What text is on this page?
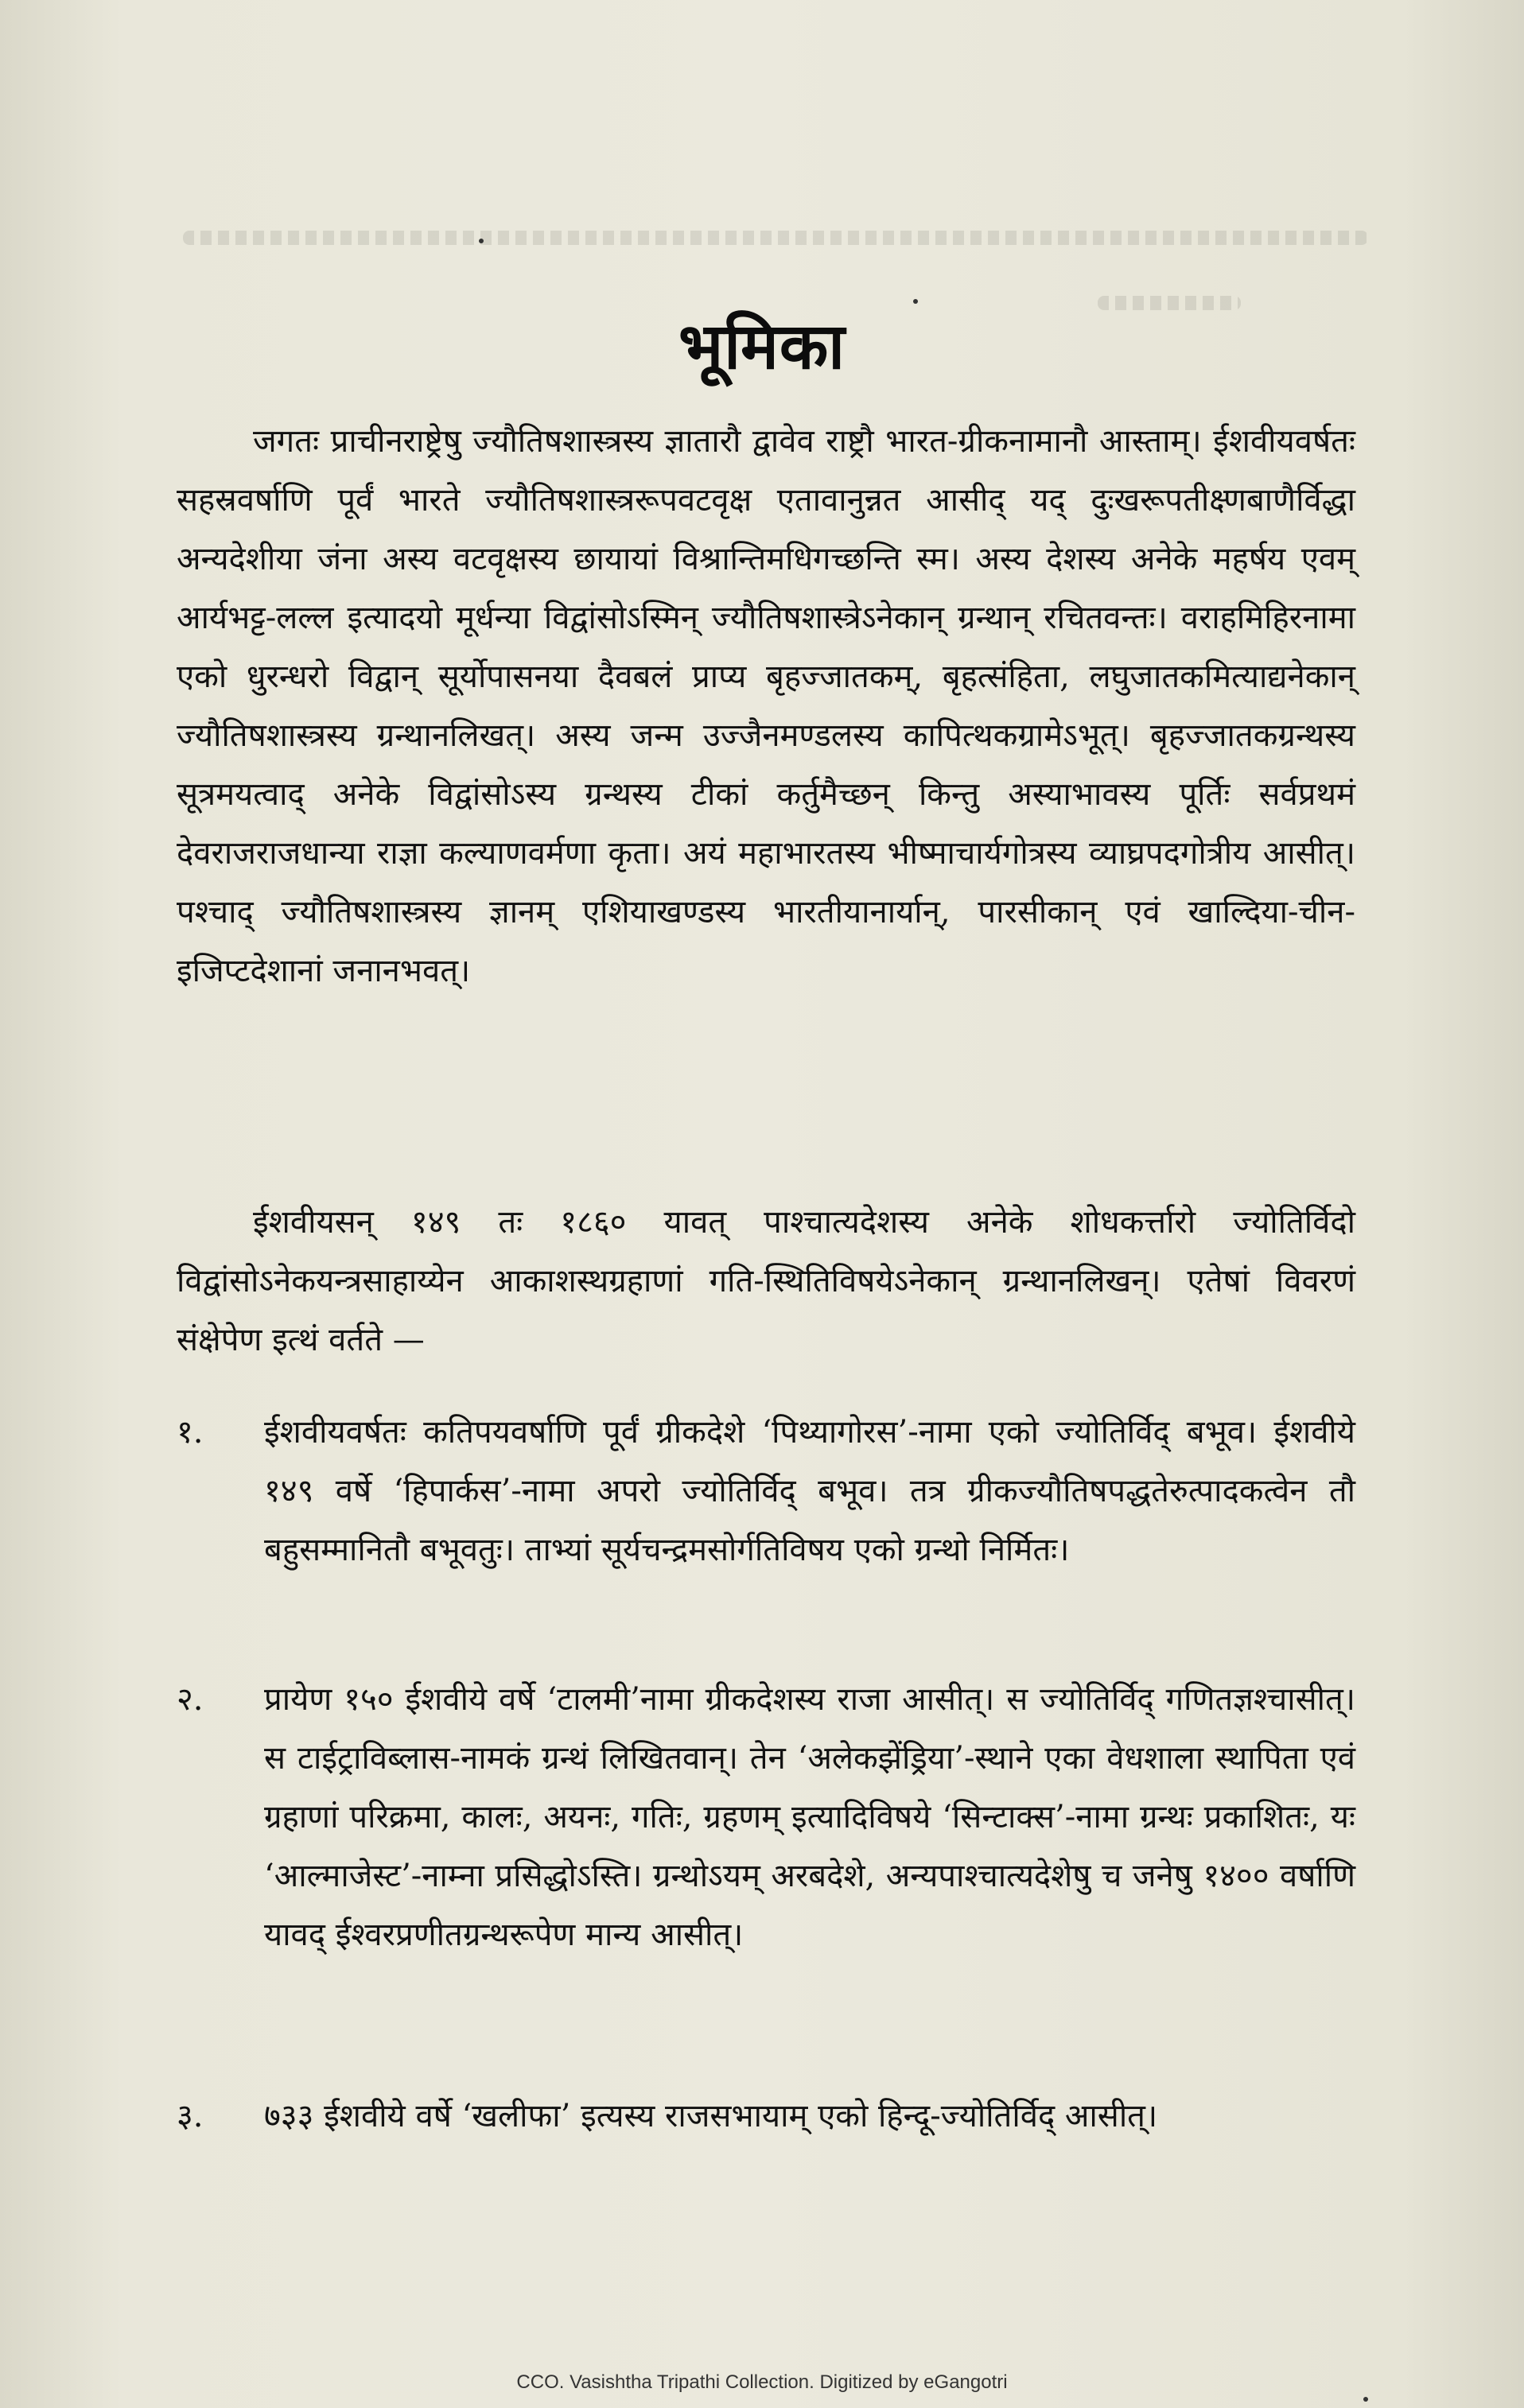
भूमिका

जगतः प्राचीनराष्ट्रेषु ज्यौतिषशास्त्रस्य ज्ञातारौ द्वावेव राष्ट्रौ भारत-ग्रीकनामानौ आस्ताम्। ईशवीयवर्षतः सहस्रवर्षाणि पूर्वं भारते ज्यौतिषशास्त्ररूपवटवृक्ष एतावानुन्नत आसीद् यद् दुःखरूपतीक्ष्णबाणैर्विद्धा अन्यदेशीया जंना अस्य वटवृक्षस्य छायायां विश्रान्तिमधिगच्छन्ति स्म। अस्य देशस्य अनेके महर्षय एवम् आर्यभट्ट-लल्ल इत्यादयो मूर्धन्या विद्वांसोऽस्मिन् ज्यौतिषशास्त्रेऽनेकान् ग्रन्थान् रचितवन्तः। वराहमिहिरनामा एको धुरन्धरो विद्वान् सूर्योपासनया दैवबलं प्राप्य बृहज्जातकम्, बृहत्संहिता, लघुजातकमित्याद्यनेकान् ज्यौतिषशास्त्रस्य ग्रन्थानलिखत्। अस्य जन्म उज्जैनमण्डलस्य कापित्थकग्रामेऽभूत्। बृहज्जातकग्रन्थस्य सूत्रमयत्वाद् अनेके विद्वांसोऽस्य ग्रन्थस्य टीकां कर्तुमैच्छन् किन्तु अस्याभावस्य पूर्तिः सर्वप्रथमं देवराजराजधान्या राज्ञा कल्याणवर्मणा कृता। अयं महाभारतस्य भीष्माचार्यगोत्रस्य व्याघ्रपदगोत्रीय आसीत्। पश्चाद् ज्यौतिषशास्त्रस्य ज्ञानम् एशियाखण्डस्य भारतीयानार्यान्, पारसीकान् एवं खाल्दिया-चीन-इजिप्टदेशानां जनानभवत्।

ईशवीयसन् १४९ तः १८६० यावत् पाश्चात्यदेशस्य अनेके शोधकर्त्तारो ज्योतिर्विदो विद्वांसोऽनेकयन्त्रसाहाय्येन आकाशस्थग्रहाणां गति-स्थितिविषयेऽनेकान् ग्रन्थानलिखन्। एतेषां विवरणं संक्षेपेण इत्थं वर्तते —

१.	ईशवीयवर्षतः कतिपयवर्षाणि पूर्वं ग्रीकदेशे ‘पिथ्यागोरस’-नामा एको ज्योतिर्विद् बभूव। ईशवीये १४९ वर्षे ‘हिपार्कस’-नामा अपरो ज्योतिर्विद् बभूव। तत्र ग्रीकज्यौतिषपद्धतेरुत्पादकत्वेन तौ बहुसम्मानितौ बभूवतुः। ताभ्यां सूर्यचन्द्रमसोर्गतिविषय एको ग्रन्थो निर्मितः।
२.	प्रायेण १५० ईशवीये वर्षे ‘टालमी’नामा ग्रीकदेशस्य राजा आसीत्। स ज्योतिर्विद् गणितज्ञश्चासीत्। स टाईट्राविब्लास-नामकं ग्रन्थं लिखितवान्। तेन ‘अलेकझेंड्रिया’-स्थाने एका वेधशाला स्थापिता एवं ग्रहाणां परिक्रमा, कालः, अयनः, गतिः, ग्रहणम् इत्यादिविषये ‘सिन्टाक्स’-नामा ग्रन्थः प्रकाशितः, यः ‘आल्माजेस्ट’-नाम्ना प्रसिद्धोऽस्ति। ग्रन्थोऽयम् अरबदेशे, अन्यपाश्चात्यदेशेषु च जनेषु १४०० वर्षाणि यावद् ईश्वरप्रणीतग्रन्थरूपेण मान्य आसीत्।
३.	७३३ ईशवीये वर्षे ‘खलीफा’ इत्यस्य राजसभायाम् एको हिन्दू-ज्योतिर्विद् आसीत्।
CCO. Vasishtha Tripathi Collection. Digitized by eGangotri
